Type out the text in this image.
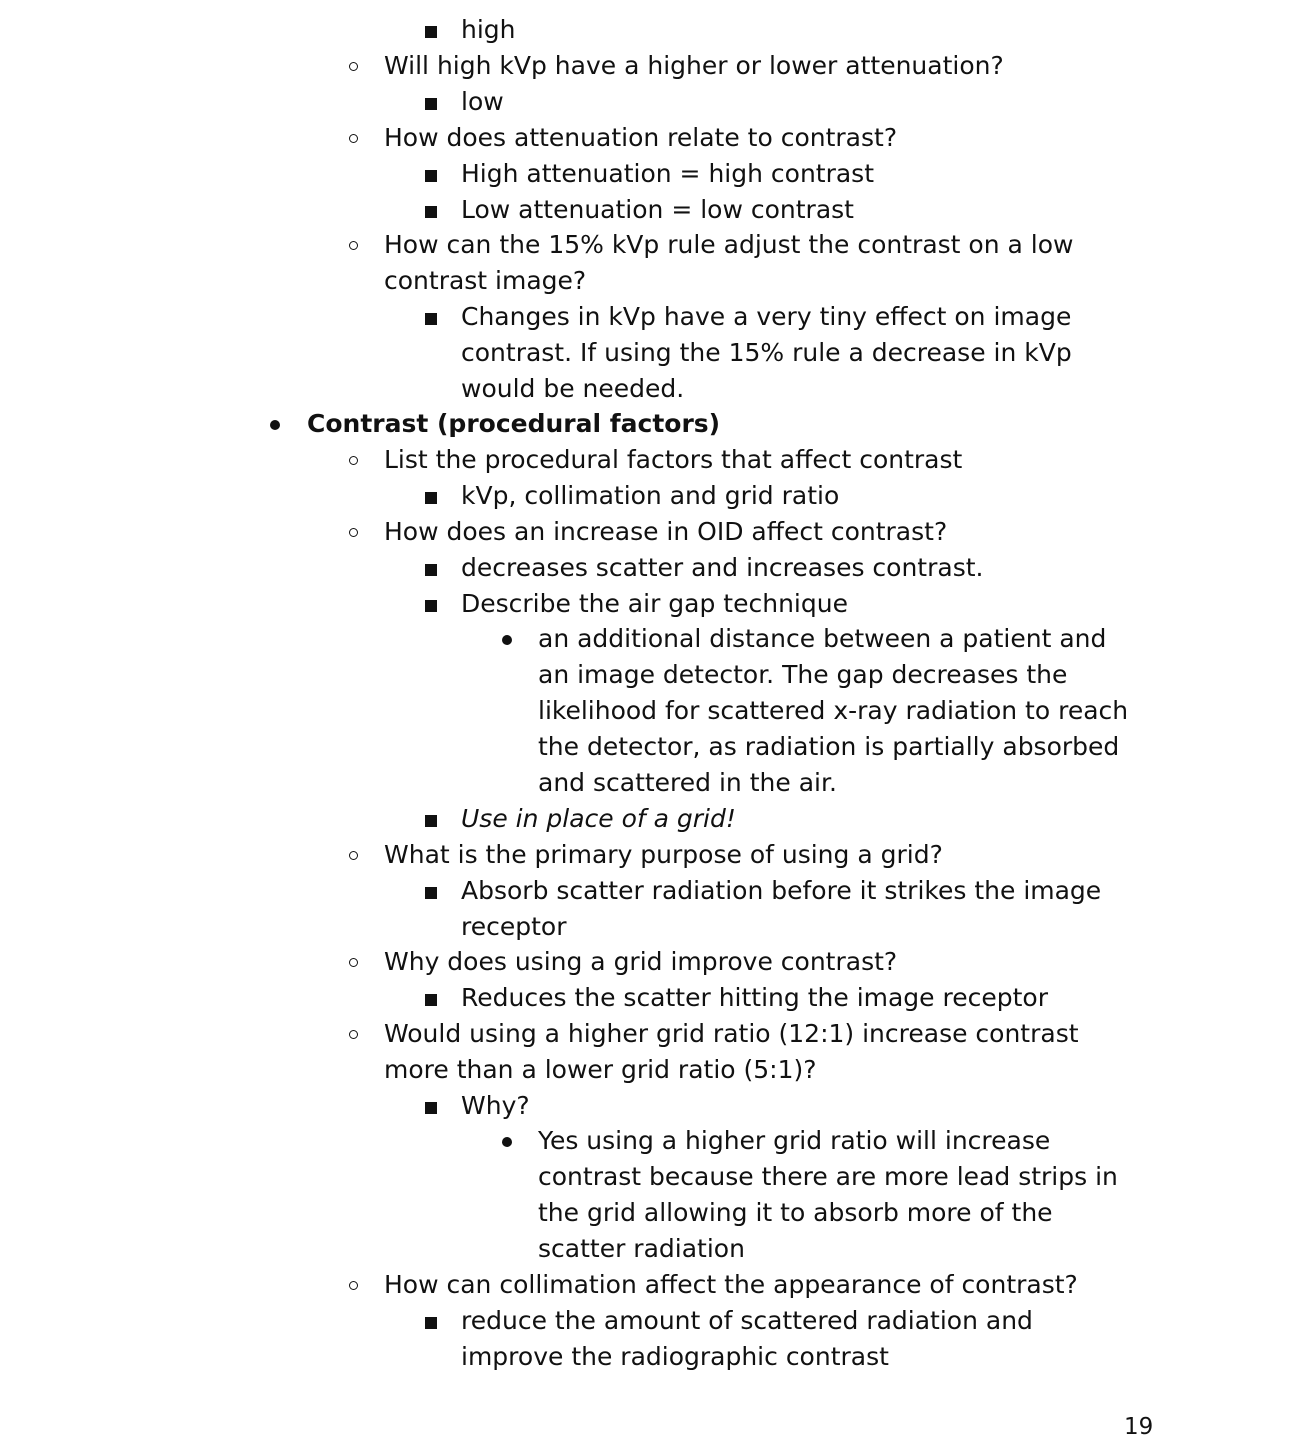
high
Will high kVp have a higher or lower attenuation?
low
How does attenuation relate to contrast?
High attenuation = high contrast
Low attenuation = low contrast
How can the 15% kVp rule adjust the contrast on a low
contrast image?
Changes in kVp have a very tiny effect on image
contrast. If using the 15% rule a decrease in kVp
would be needed.
Contrast (procedural factors)
List the procedural factors that affect contrast
kVp, collimation and grid ratio
How does an increase in OID affect contrast?
decreases scatter and increases contrast.
Describe the air gap technique
an additional distance between a patient and
an image detector. The gap decreases the
likelihood for scattered x-ray radiation to reach
the detector, as radiation is partially absorbed
and scattered in the air.
Use in place of a grid!
What is the primary purpose of using a grid?
Absorb scatter radiation before it strikes the image
receptor
Why does using a grid improve contrast?
Reduces the scatter hitting the image receptor
Would using a higher grid ratio (12:1) increase contrast
more than a lower grid ratio (5:1)?
Why?
Yes using a higher grid ratio will increase
contrast because there are more lead strips in
the grid allowing it to absorb more of the
scatter radiation
How can collimation affect the appearance of contrast?
reduce the amount of scattered radiation and
improve the radiographic contrast
19
